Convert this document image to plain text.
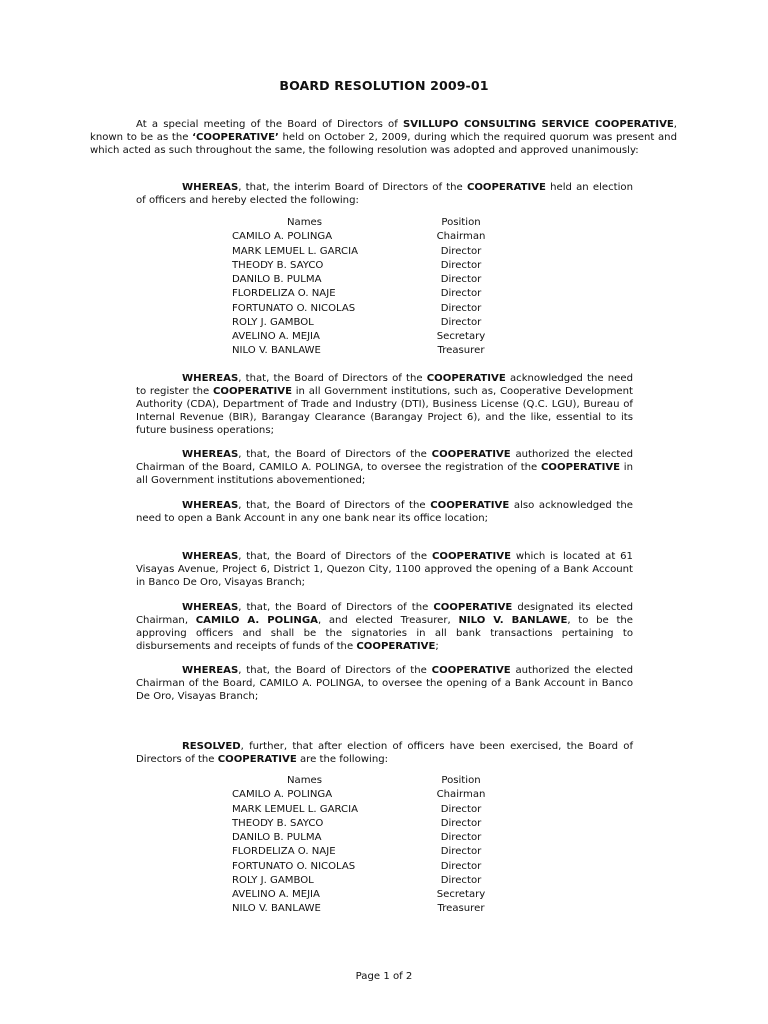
BOARD RESOLUTION 2009-01

At a special meeting of the Board of Directors of SVILLUPO CONSULTING SERVICE COOPERATIVE, known to be as the ‘COOPERATIVE’ held on October 2, 2009, during which the required quorum was present and which acted as such throughout the same, the following resolution was adopted and approved unanimously:

WHEREAS, that, the interim Board of Directors of the COOPERATIVE held an election of officers and hereby elected the following:

Names	Position
CAMILO A. POLINGA	Chairman
MARK LEMUEL L. GARCIA	Director
THEODY B. SAYCO	Director
DANILO B. PULMA	Director
FLORDELIZA O. NAJE	Director
FORTUNATO O. NICOLAS	Director
ROLY J. GAMBOL	Director
AVELINO A. MEJIA	Secretary
NILO V. BANLAWE	Treasurer

WHEREAS, that, the Board of Directors of the COOPERATIVE acknowledged the need to register the COOPERATIVE in all Government institutions, such as, Cooperative Development Authority (CDA), Department of Trade and Industry (DTI), Business License (Q.C. LGU), Bureau of Internal Revenue (BIR), Barangay Clearance (Barangay Project 6), and the like, essential to its future business operations;

WHEREAS, that, the Board of Directors of the COOPERATIVE authorized the elected Chairman of the Board, CAMILO A. POLINGA, to oversee the registration of the COOPERATIVE in all Government institutions abovementioned;

WHEREAS, that, the Board of Directors of the COOPERATIVE also acknowledged the need to open a Bank Account in any one bank near its office location;

WHEREAS, that, the Board of Directors of the COOPERATIVE which is located at 61 Visayas Avenue, Project 6, District 1, Quezon City, 1100 approved the opening of a Bank Account in Banco De Oro, Visayas Branch;

WHEREAS, that, the Board of Directors of the COOPERATIVE designated its elected Chairman, CAMILO A. POLINGA, and elected Treasurer, NILO V. BANLAWE, to be the approving officers and shall be the signatories in all bank transactions pertaining to disbursements and receipts of funds of the COOPERATIVE;

WHEREAS, that, the Board of Directors of the COOPERATIVE authorized the elected Chairman of the Board, CAMILO A. POLINGA, to oversee the opening of a Bank Account in Banco De Oro, Visayas Branch;

RESOLVED, further, that after election of officers have been exercised, the Board of Directors of the COOPERATIVE are the following:

Names	Position
CAMILO A. POLINGA	Chairman
MARK LEMUEL L. GARCIA	Director
THEODY B. SAYCO	Director
DANILO B. PULMA	Director
FLORDELIZA O. NAJE	Director
FORTUNATO O. NICOLAS	Director
ROLY J. GAMBOL	Director
AVELINO A. MEJIA	Secretary
NILO V. BANLAWE	Treasurer
Page 1 of 2
